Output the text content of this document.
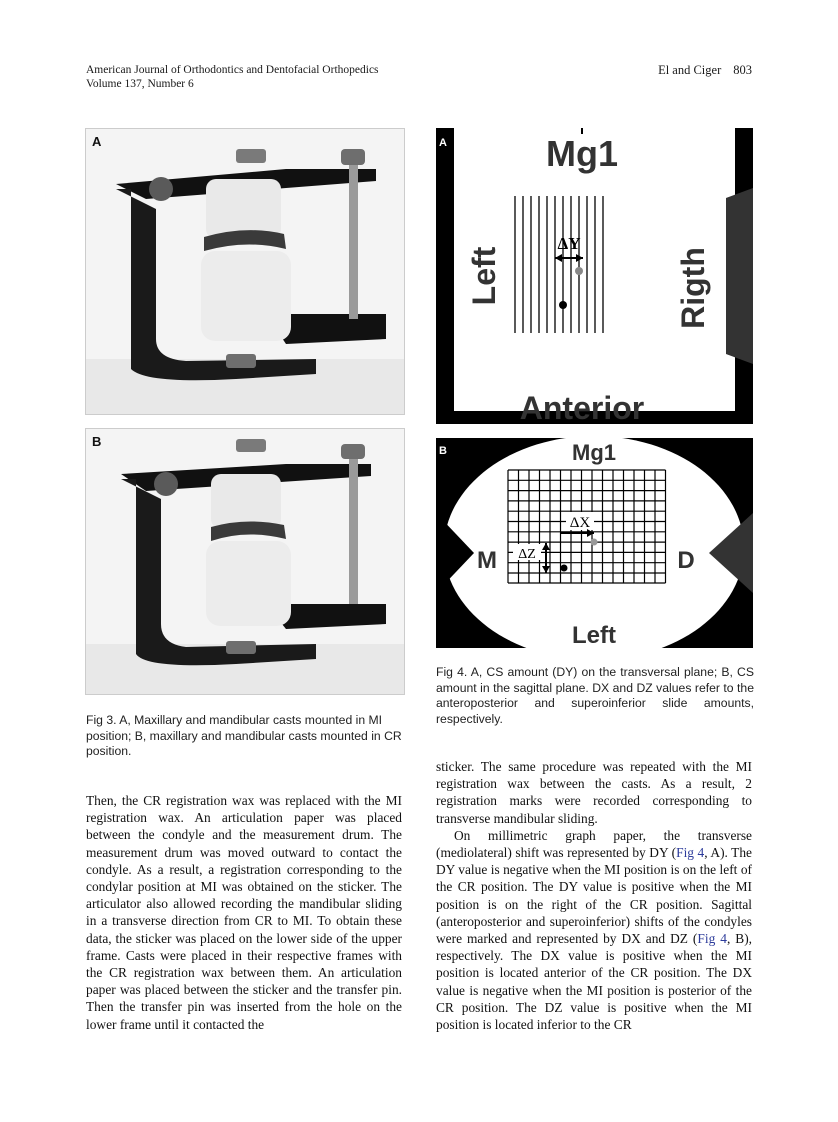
American Journal of Orthodontics and Dentofacial Orthopedics
Volume 137, Number 6
El and Ciger 803
A
B
Fig 3. A, Maxillary and mandibular casts mounted in MI position; B, maxillary and mandibular casts mounted in CR position.
Mg1
ΔY
Anterior
Left	Rigth
A
Mg1
ΔX
ΔZ
M	D
Left
B
Fig 4. A, CS amount (DY) on the transversal plane; B, CS amount in the sagittal plane. DX and DZ values refer to the anteroposterior and superoinferior slide amounts, respectively.

Then, the CR registration wax was replaced with the MI registration wax. An articulation paper was placed between the condyle and the measurement drum. The measurement drum was moved outward to contact the condyle. As a result, a registration corresponding to the condylar position at MI was obtained on the sticker. The articulator also allowed recording the mandibular sliding in a transverse direction from CR to MI. To obtain these data, the sticker was placed on the lower side of the upper frame. Casts were placed in their respective frames with the CR registration wax between them. An articulation paper was placed between the sticker and the transfer pin. Then the transfer pin was inserted from the hole on the lower frame until it contacted the

sticker. The same procedure was repeated with the MI registration wax between the casts. As a result, 2 registration marks were recorded corresponding to transverse mandibular sliding.

On millimetric graph paper, the transverse (mediolateral) shift was represented by DY (Fig 4, A). The DY value is negative when the MI position is on the left of the CR position. The DY value is positive when the MI position is on the right of the CR position. Sagittal (anteroposterior and superoinferior) shifts of the condyles were marked and represented by DX and DZ (Fig 4, B), respectively. The DX value is positive when the MI position is located anterior of the CR position. The DX value is negative when the MI position is posterior of the CR position. The DZ value is positive when the MI position is located inferior to the CR
